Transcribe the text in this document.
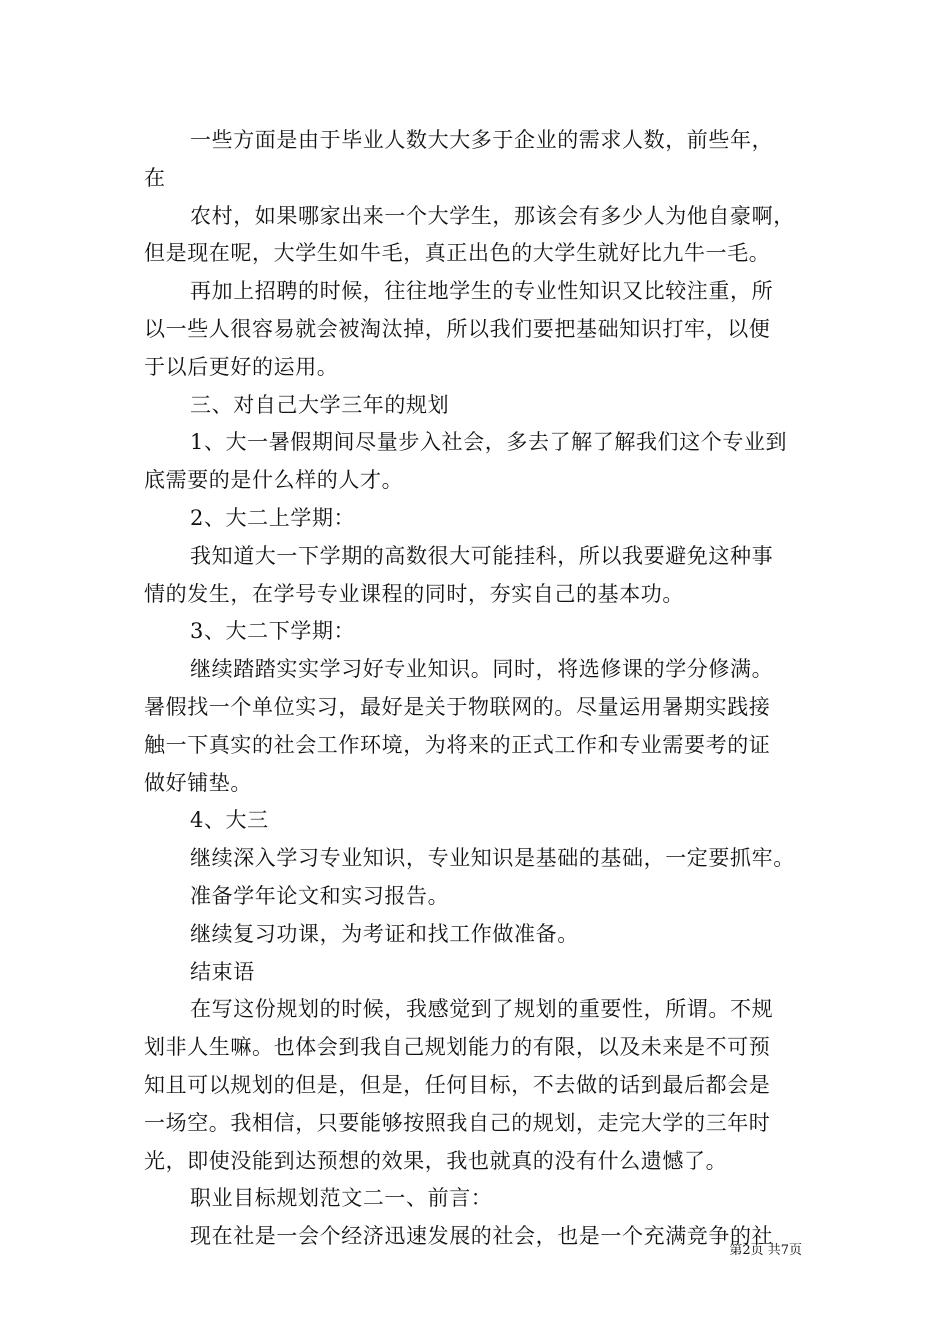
一些方面是由于毕业人数大大多于企业的需求人数，前些年，

在

农村，如果哪家出来一个大学生，那该会有多少人为他自豪啊，

但是现在呢，大学生如牛毛，真正出色的大学生就好比九牛一毛。

再加上招聘的时候，往往地学生的专业性知识又比较注重，所

以一些人很容易就会被淘汰掉，所以我们要把基础知识打牢，以便

于以后更好的运用。

三、对自己大学三年的规划

1、大一暑假期间尽量步入社会，多去了解了解我们这个专业到

底需要的是什么样的人才。

2、大二上学期：

我知道大一下学期的高数很大可能挂科，所以我要避免这种事

情的发生，在学号专业课程的同时，夯实自己的基本功。

3、大二下学期：

继续踏踏实实学习好专业知识。同时，将选修课的学分修满。

暑假找一个单位实习，最好是关于物联网的。尽量运用暑期实践接

触一下真实的社会工作环境，为将来的正式工作和专业需要考的证

做好铺垫。

4、大三

继续深入学习专业知识，专业知识是基础的基础，一定要抓牢。

准备学年论文和实习报告。

继续复习功课，为考证和找工作做准备。

结束语

在写这份规划的时候，我感觉到了规划的重要性，所谓。不规

划非人生嘛。也体会到我自己规划能力的有限，以及未来是不可预

知且可以规划的但是，但是，任何目标，不去做的话到最后都会是

一场空。我相信，只要能够按照我自己的规划，走完大学的三年时

光，即使没能到达预想的效果，我也就真的没有什么遗憾了。

职业目标规划范文二一、前言：

现在社是一会个经济迅速发展的社会，也是一个充满竞争的社

第2页 共7页
